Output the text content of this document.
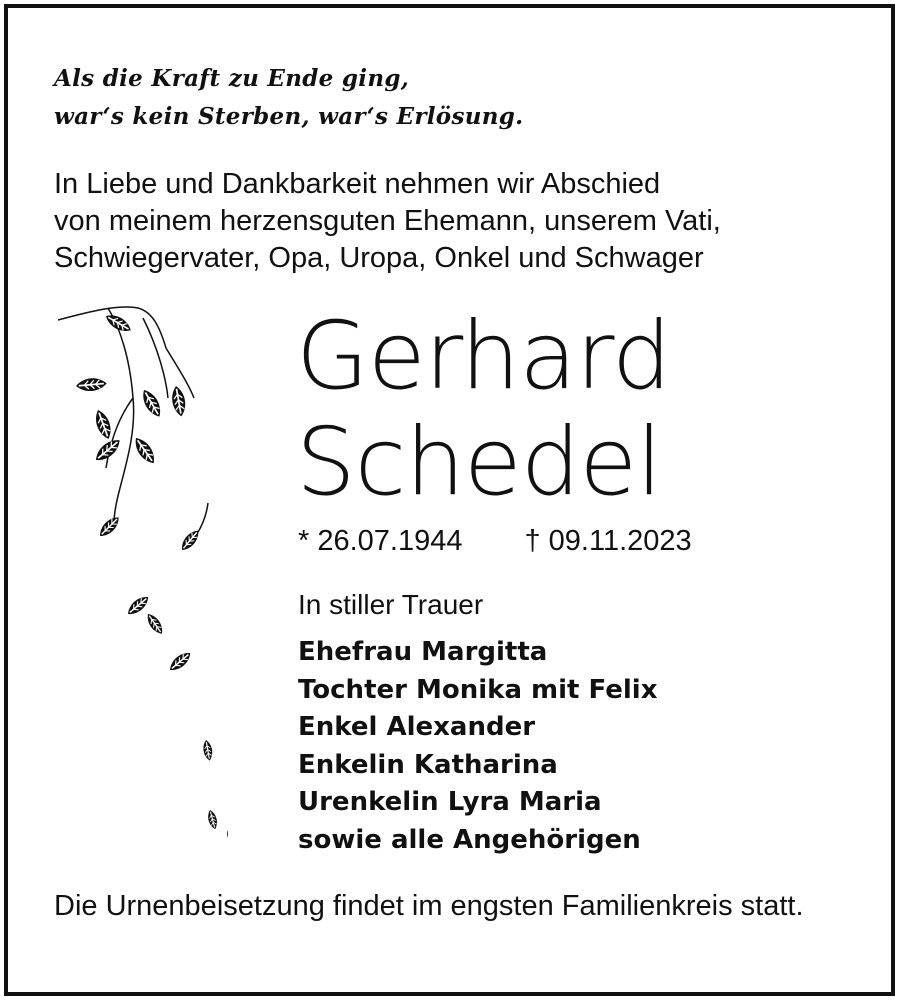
Als die Kraft zu Ende ging,
war‘s kein Sterben, war‘s Erlösung.
In Liebe und Dankbarkeit nehmen wir Abschied
von meinem herzensguten Ehemann, unserem Vati,
Schwiegervater, Opa, Uropa, Onkel und Schwager
Gerhard
Schedel
* 26.07.1944 † 09.11.2023
In stiller Trauer
Ehefrau Margitta
Tochter Monika mit Felix
Enkel Alexander
Enkelin Katharina
Urenkelin Lyra Maria
sowie alle Angehörigen
Die Urnenbeisetzung findet im engsten Familienkreis statt.
